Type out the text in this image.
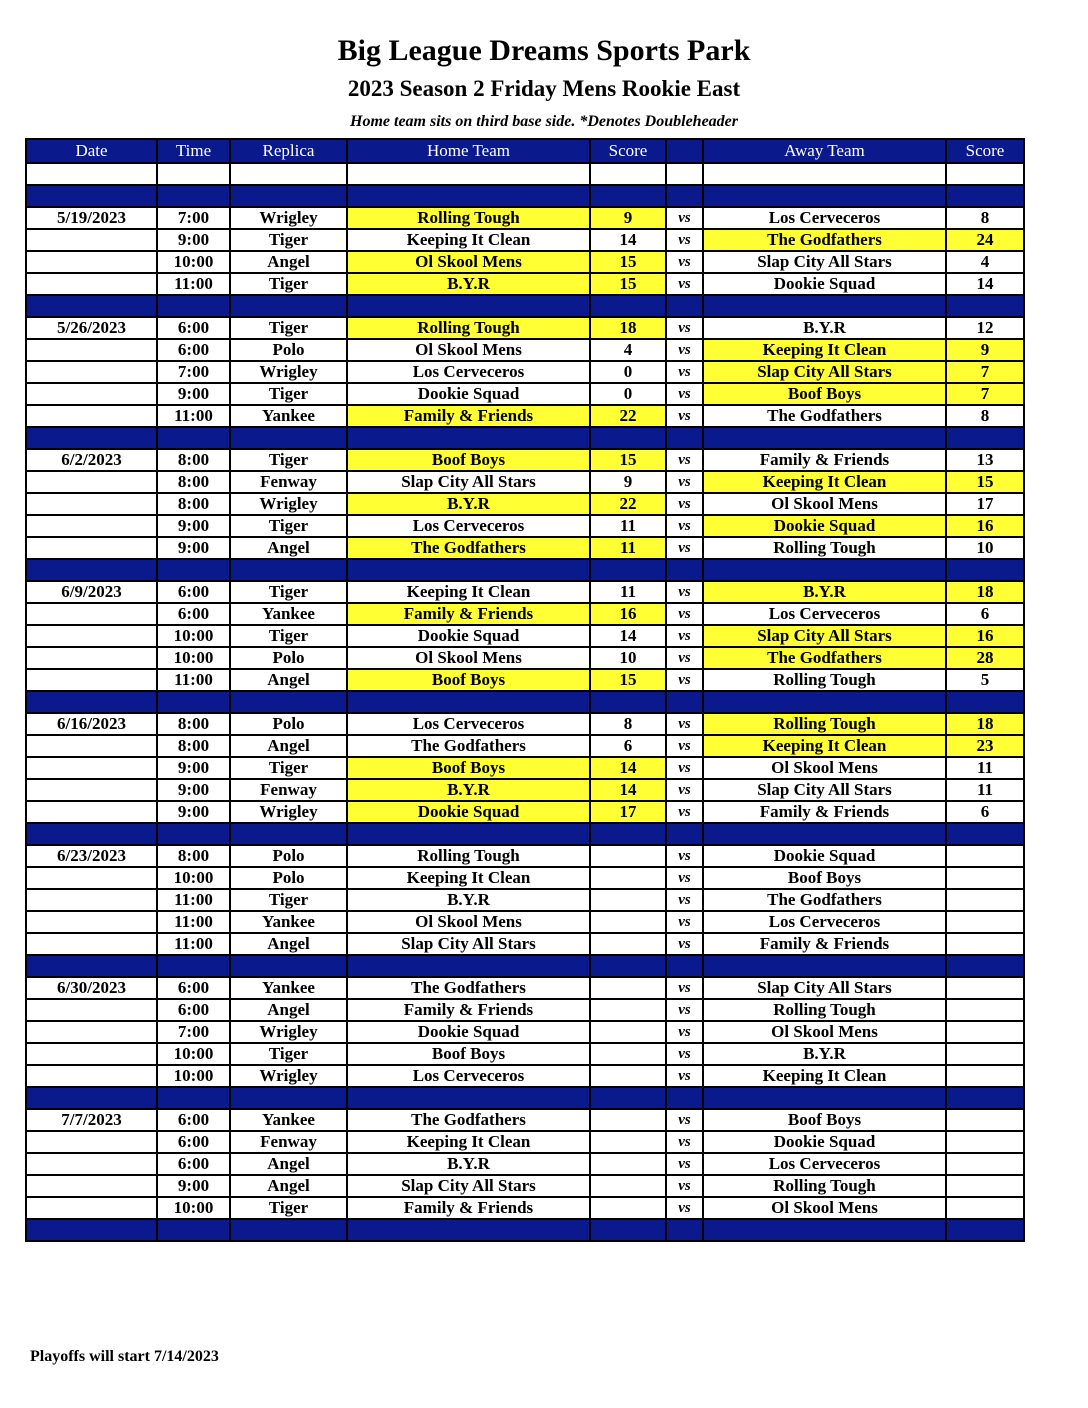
Big League Dreams Sports Park
2023 Season 2 Friday Mens Rookie East
Home team sits on third base side. *Denotes Doubleheader
Date	Time	Replica	Home Team	Score		Away Team	Score

5/19/2023	7:00	Wrigley	Rolling Tough	9	vs	Los Cerveceros	8
	9:00	Tiger	Keeping It Clean	14	vs	The Godfathers	24
	10:00	Angel	Ol Skool Mens	15	vs	Slap City All Stars	4
	11:00	Tiger	B.Y.R	15	vs	Dookie Squad	14

5/26/2023	6:00	Tiger	Rolling Tough	18	vs	B.Y.R	12
	6:00	Polo	Ol Skool Mens	4	vs	Keeping It Clean	9
	7:00	Wrigley	Los Cerveceros	0	vs	Slap City All Stars	7
	9:00	Tiger	Dookie Squad	0	vs	Boof Boys	7
	11:00	Yankee	Family & Friends	22	vs	The Godfathers	8

6/2/2023	8:00	Tiger	Boof Boys	15	vs	Family & Friends	13
	8:00	Fenway	Slap City All Stars	9	vs	Keeping It Clean	15
	8:00	Wrigley	B.Y.R	22	vs	Ol Skool Mens	17
	9:00	Tiger	Los Cerveceros	11	vs	Dookie Squad	16
	9:00	Angel	The Godfathers	11	vs	Rolling Tough	10

6/9/2023	6:00	Tiger	Keeping It Clean	11	vs	B.Y.R	18
	6:00	Yankee	Family & Friends	16	vs	Los Cerveceros	6
	10:00	Tiger	Dookie Squad	14	vs	Slap City All Stars	16
	10:00	Polo	Ol Skool Mens	10	vs	The Godfathers	28
	11:00	Angel	Boof Boys	15	vs	Rolling Tough	5

6/16/2023	8:00	Polo	Los Cerveceros	8	vs	Rolling Tough	18
	8:00	Angel	The Godfathers	6	vs	Keeping It Clean	23
	9:00	Tiger	Boof Boys	14	vs	Ol Skool Mens	11
	9:00	Fenway	B.Y.R	14	vs	Slap City All Stars	11
	9:00	Wrigley	Dookie Squad	17	vs	Family & Friends	6

6/23/2023	8:00	Polo	Rolling Tough		vs	Dookie Squad	
	10:00	Polo	Keeping It Clean		vs	Boof Boys	
	11:00	Tiger	B.Y.R		vs	The Godfathers	
	11:00	Yankee	Ol Skool Mens		vs	Los Cerveceros	
	11:00	Angel	Slap City All Stars		vs	Family & Friends	

6/30/2023	6:00	Yankee	The Godfathers		vs	Slap City All Stars	
	6:00	Angel	Family & Friends		vs	Rolling Tough	
	7:00	Wrigley	Dookie Squad		vs	Ol Skool Mens	
	10:00	Tiger	Boof Boys		vs	B.Y.R	
	10:00	Wrigley	Los Cerveceros		vs	Keeping It Clean	

7/7/2023	6:00	Yankee	The Godfathers		vs	Boof Boys	
	6:00	Fenway	Keeping It Clean		vs	Dookie Squad	
	6:00	Angel	B.Y.R		vs	Los Cerveceros	
	9:00	Angel	Slap City All Stars		vs	Rolling Tough	
	10:00	Tiger	Family & Friends		vs	Ol Skool Mens	

Playoffs will start 7/14/2023
